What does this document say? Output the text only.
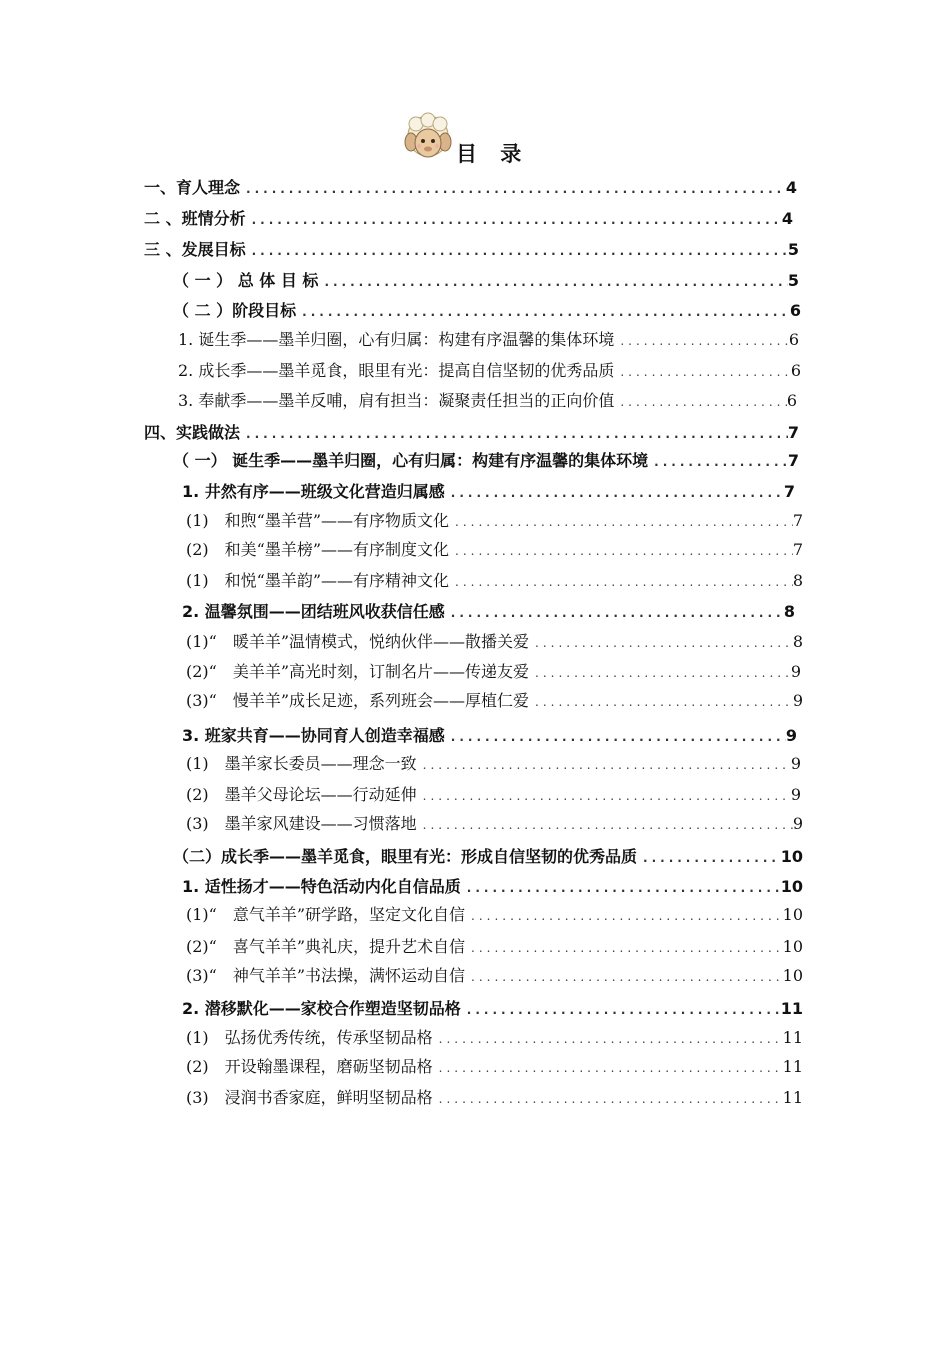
目 录
一、育人理念 .....	4
二 、班情分析 .....	4
三 、发展目标 .....	5
（ 一 ） 总 体 目 标 .....	5
（ 二 ）阶段目标 .....	6
1. 诞生季——墨羊归圈，心有归属：构建有序温馨的集体环境 .....	6
2. 成长季——墨羊觅食，眼里有光：提高自信坚韧的优秀品质 .....	6
3. 奉献季——墨羊反哺，肩有担当：凝聚责任担当的正向价值 .....	6
四、实践做法 .....	7
（ 一） 诞生季——墨羊归圈，心有归属：构建有序温馨的集体环境 .....	7
1. 井然有序——班级文化营造归属感 .....	7
(1)　和煦“墨羊营”——有序物质文化 .....	7
(2)　和美“墨羊榜”——有序制度文化 .....	7
(1)　和悦“墨羊韵”——有序精神文化 .....	8
2. 温馨氛围——团结班风收获信任感 .....	8
(1)“　暖羊羊”温情模式，悦纳伙伴——散播关爱 .....	8
(2)“　美羊羊”高光时刻，订制名片——传递友爱 .....	9
(3)“　慢羊羊”成长足迹，系列班会——厚植仁爱 .....	9
3. 班家共育——协同育人创造幸福感 .....	9
(1)　墨羊家长委员——理念一致 .....	9
(2)　墨羊父母论坛——行动延伸 .....	9
(3)　墨羊家风建设——习惯落地 .....	9
（二）成长季——墨羊觅食，眼里有光：形成自信坚韧的优秀品质 .....	10
1. 适性扬才——特色活动内化自信品质 .....	10
(1)“　意气羊羊”研学路，坚定文化自信 .....	10
(2)“　喜气羊羊”典礼庆，提升艺术自信 .....	10
(3)“　神气羊羊”书法操，满怀运动自信 .....	10
2. 潜移默化——家校合作塑造坚韧品格 .....	11
(1)　弘扬优秀传统，传承坚韧品格 .....	11
(2)　开设翰墨课程，磨砺坚韧品格 .....	11
(3)　浸润书香家庭，鲜明坚韧品格 .....	11
